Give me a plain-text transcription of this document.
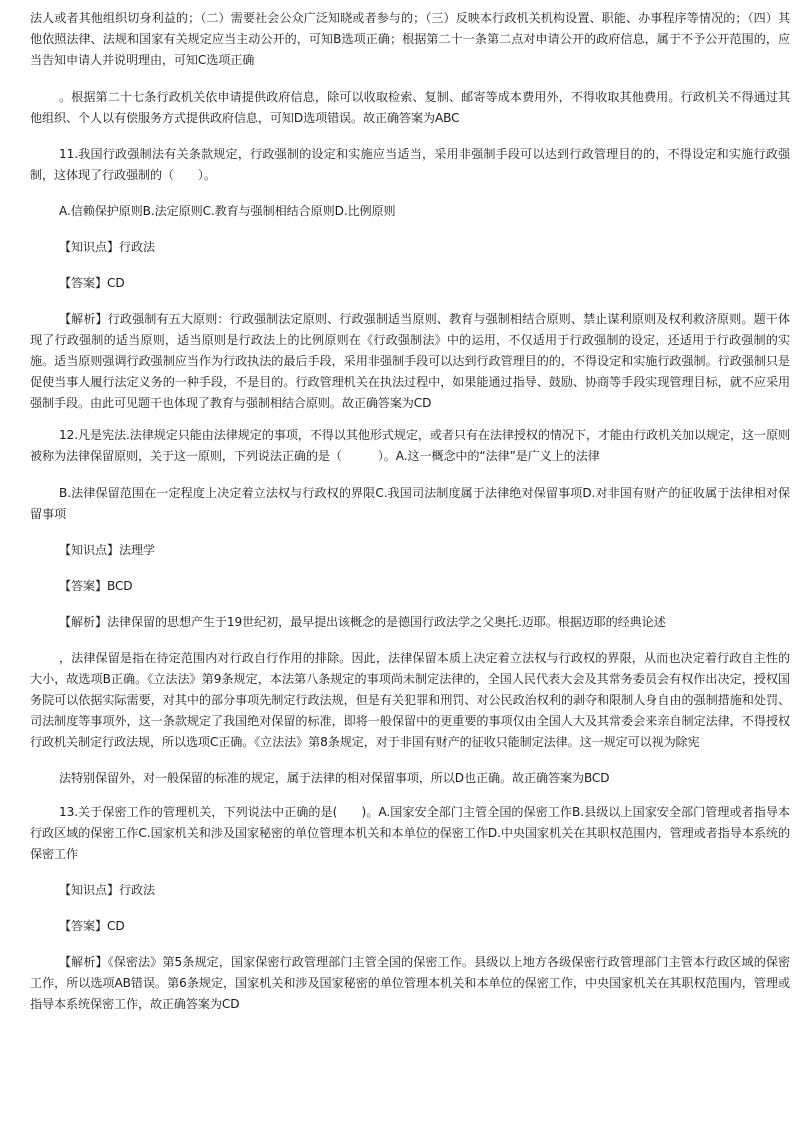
法人或者其他组织切身利益的；（二）需要社会公众广泛知晓或者参与的；（三）反映本行政机关机构设置、职能、办事程序等情况的；（四）其他依照法律、法规和国家有关规定应当主动公开的，可知B选项正确；根据第二十一条第二点对申请公开的政府信息，属于不予公开范围的，应当告知申请人并说明理由，可知C选项正确

。根据第二十七条行政机关依申请提供政府信息，除可以收取检索、复制、邮寄等成本费用外，不得收取其他费用。行政机关不得通过其他组织、个人以有偿服务方式提供政府信息，可知D选项错误。故正确答案为ABC

11.我国行政强制法有关条款规定，行政强制的设定和实施应当适当，采用非强制手段可以达到行政管理目的的，不得设定和实施行政强制，这体现了行政强制的（　　）。

A.信赖保护原则B.法定原则C.教育与强制相结合原则D.比例原则

【知识点】行政法

【答案】CD

【解析】行政强制有五大原则：行政强制法定原则、行政强制适当原则、教育与强制相结合原则、禁止谋利原则及权利救济原则。题干体现了行政强制的适当原则，适当原则是行政法上的比例原则在《行政强制法》中的运用，不仅适用于行政强制的设定，还适用于行政强制的实施。适当原则强调行政强制应当作为行政执法的最后手段，采用非强制手段可以达到行政管理目的的，不得设定和实施行政强制。行政强制只是促使当事人履行法定义务的一种手段，不是目的。行政管理机关在执法过程中，如果能通过指导、鼓励、协商等手段实现管理目标，就不应采用强制手段。由此可见题干也体现了教育与强制相结合原则。故正确答案为CD

12.凡是宪法.法律规定只能由法律规定的事项，不得以其他形式规定，或者只有在法律授权的情况下，才能由行政机关加以规定，这一原则被称为法律保留原则，关于这一原则，下列说法正确的是（　　　）。A.这一概念中的“法律”是广义上的法律

B.法律保留范围在一定程度上决定着立法权与行政权的界限C.我国司法制度属于法律绝对保留事项D.对非国有财产的征收属于法律相对保留事项

【知识点】法理学

【答案】BCD

【解析】法律保留的思想产生于19世纪初，最早提出该概念的是德国行政法学之父奥托.迈耶。根据迈耶的经典论述

，法律保留是指在待定范围内对行政自行作用的排除。因此，法律保留本质上决定着立法权与行政权的界限，从而也决定着行政自主性的大小，故选项B正确。《立法法》第9条规定，本法第八条规定的事项尚未制定法律的，全国人民代表大会及其常务委员会有权作出决定，授权国务院可以依据实际需要，对其中的部分事项先制定行政法规，但是有关犯罪和刑罚、对公民政治权利的剥夺和限制人身自由的强制措施和处罚、司法制度等事项外，这一条款规定了我国绝对保留的标准，即将一般保留中的更重要的事项仅由全国人大及其常委会来亲自制定法律，不得授权行政机关制定行政法规，所以选项C正确。《立法法》第8条规定，对于非国有财产的征收只能制定法律。这一规定可以视为除宪

法特别保留外，对一般保留的标准的规定，属于法律的相对保留事项，所以D也正确。故正确答案为BCD

13.关于保密工作的管理机关，下列说法中正确的是(　　)。A.国家安全部门主管全国的保密工作B.县级以上国家安全部门管理或者指导本行政区域的保密工作C.国家机关和涉及国家秘密的单位管理本机关和本单位的保密工作D.中央国家机关在其职权范围内，管理或者指导本系统的保密工作

【知识点】行政法

【答案】CD

【解析】《保密法》第5条规定，国家保密行政管理部门主管全国的保密工作。县级以上地方各级保密行政管理部门主管本行政区域的保密工作，所以选项AB错误。第6条规定，国家机关和涉及国家秘密的单位管理本机关和本单位的保密工作，中央国家机关在其职权范围内，管理或指导本系统保密工作，故正确答案为CD
